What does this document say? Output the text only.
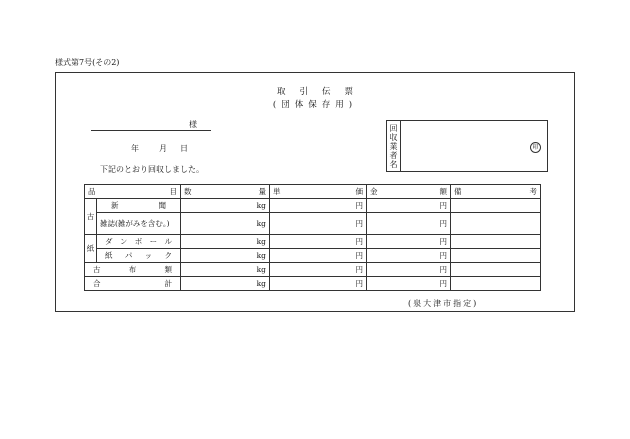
様式第7号(その2)
取引伝票
(団体保存用)
様
年	月 日
下記のとおり回収しました。
回
収
業
者
名
印
品 目		数 量	単 価	金 額	備 考

古	新 聞	kg	円	円	
	雑誌(雑がみを含む。)	kg	円	円	
紙	ダ ン ボ ー ル	kg	円	円	

	紙 パ ッ ク	kg	円	円	

古 布 類		kg	円	円	

合 計		kg	円	円	
(泉大津市指定)
